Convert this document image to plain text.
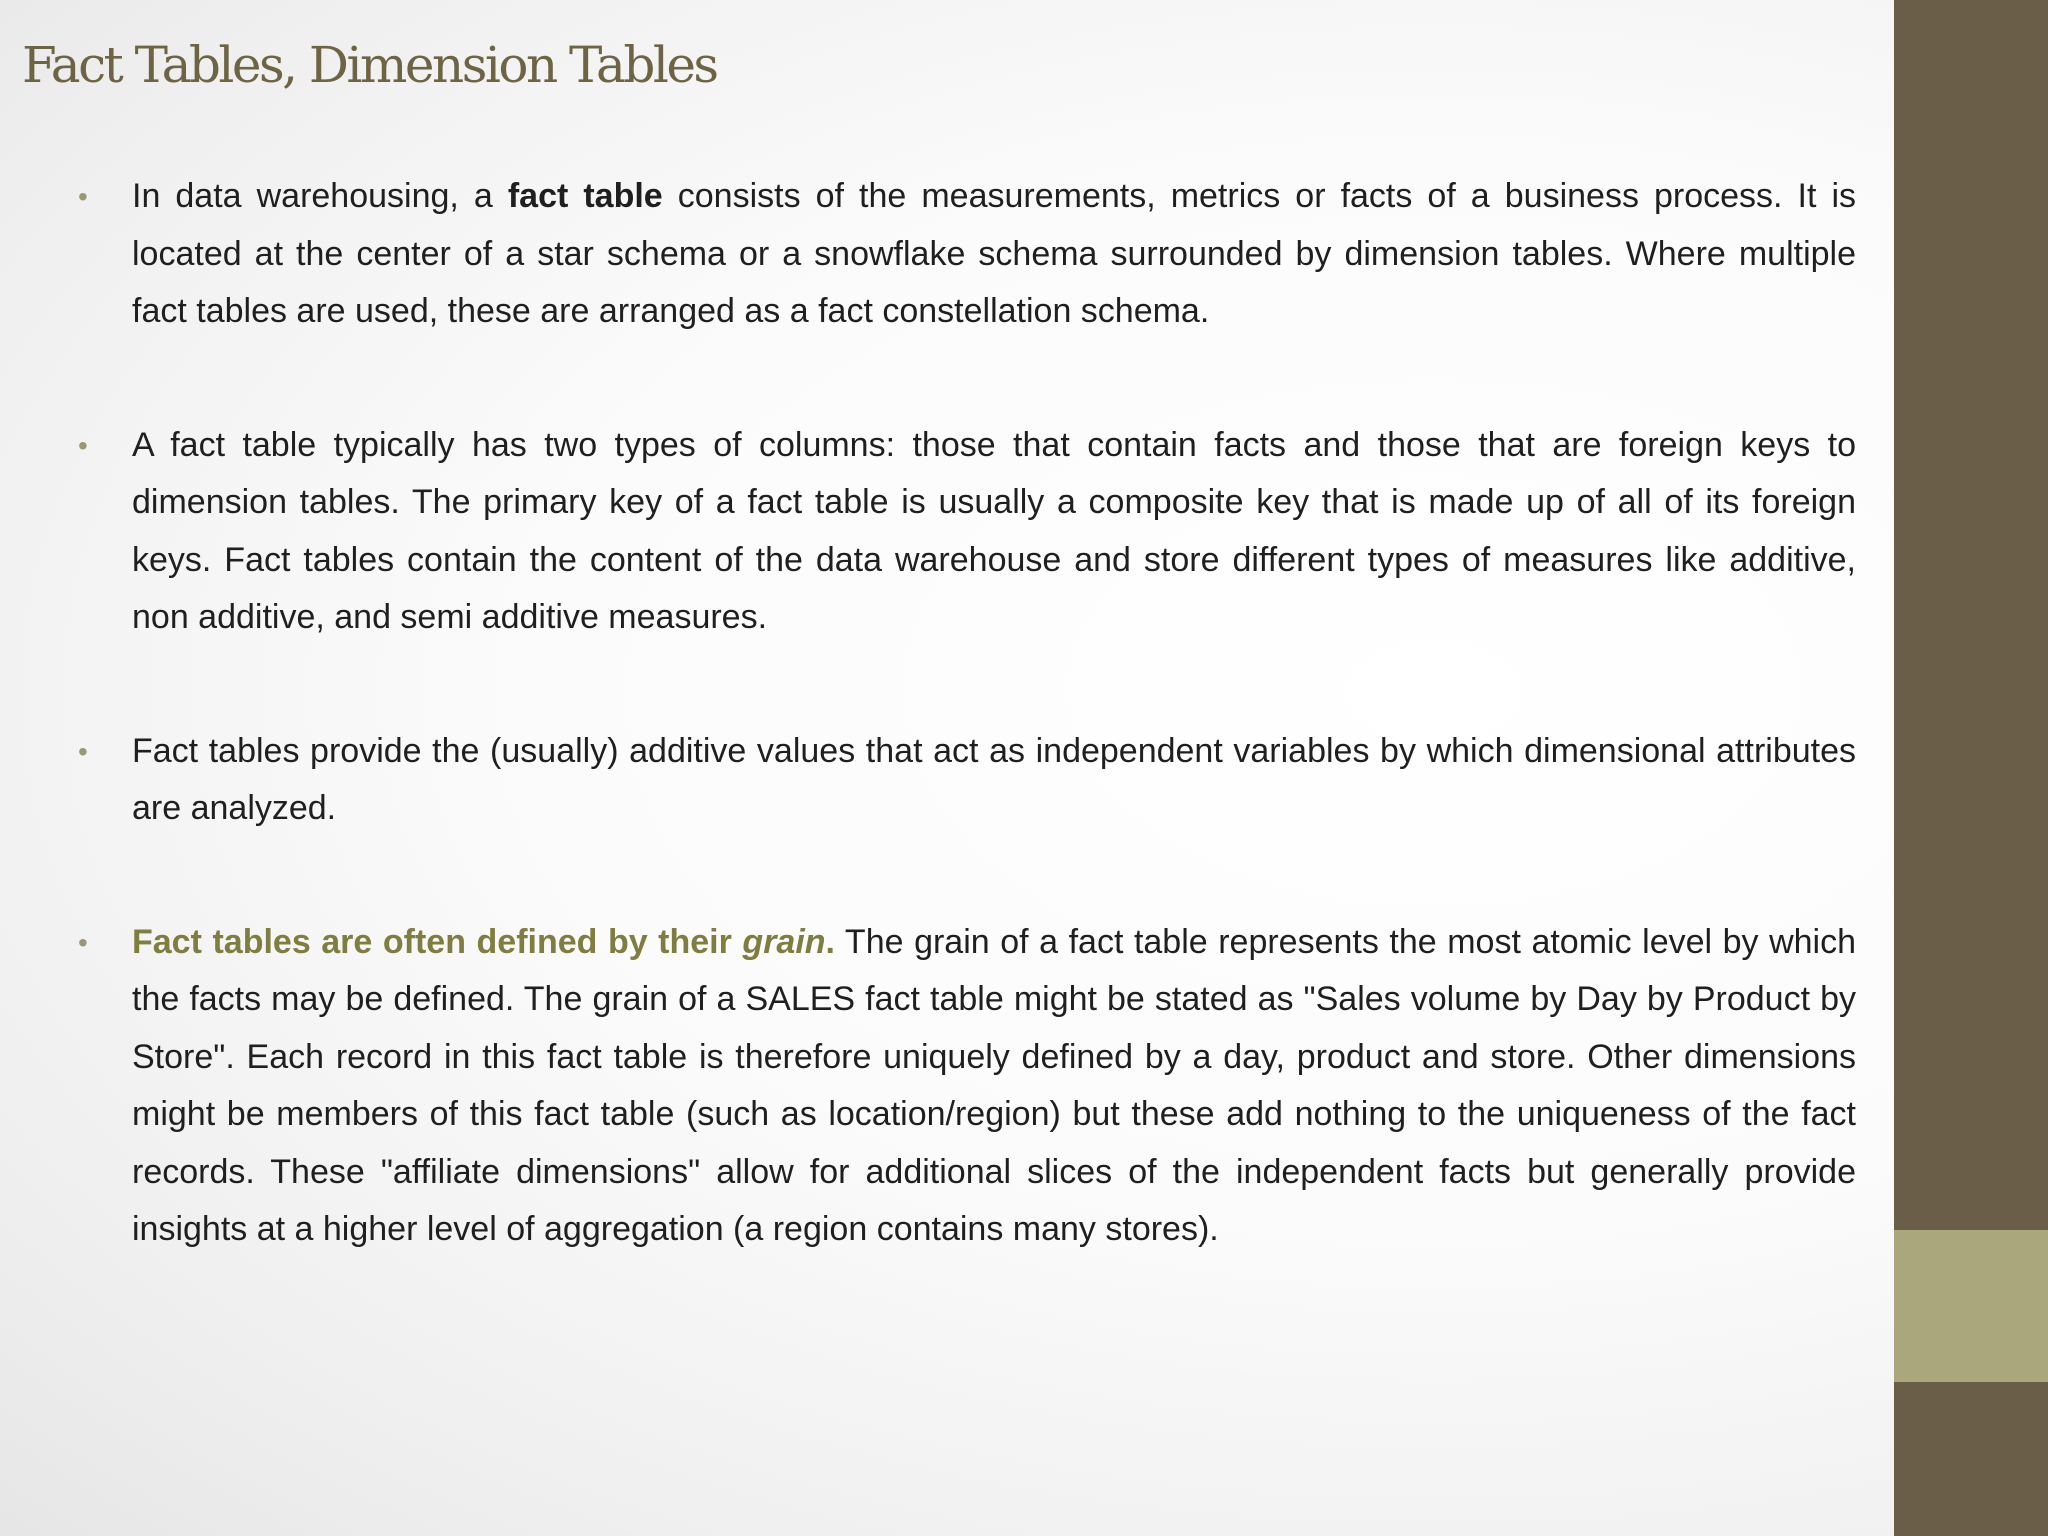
Fact Tables, Dimension Tables
• In data warehousing, a fact table consists of the measurements, metrics or facts of a business process. It is located at the center of a star schema or a snowflake schema surrounded by dimension tables. Where multiple fact tables are used, these are arranged as a fact constellation schema.
• A fact table typically has two types of columns: those that contain facts and those that are foreign keys to dimension tables. The primary key of a fact table is usually a composite key that is made up of all of its foreign keys. Fact tables contain the content of the data warehouse and store different types of measures like additive, non additive, and semi additive measures.
• Fact tables provide the (usually) additive values that act as independent variables by which dimensional attributes are analyzed.
• Fact tables are often defined by their grain. The grain of a fact table represents the most atomic level by which the facts may be defined. The grain of a SALES fact table might be stated as "Sales volume by Day by Product by Store". Each record in this fact table is therefore uniquely defined by a day, product and store. Other dimensions might be members of this fact table (such as location/region) but these add nothing to the uniqueness of the fact records. These "affiliate dimensions" allow for additional slices of the independent facts but generally provide insights at a higher level of aggregation (a region contains many stores).
